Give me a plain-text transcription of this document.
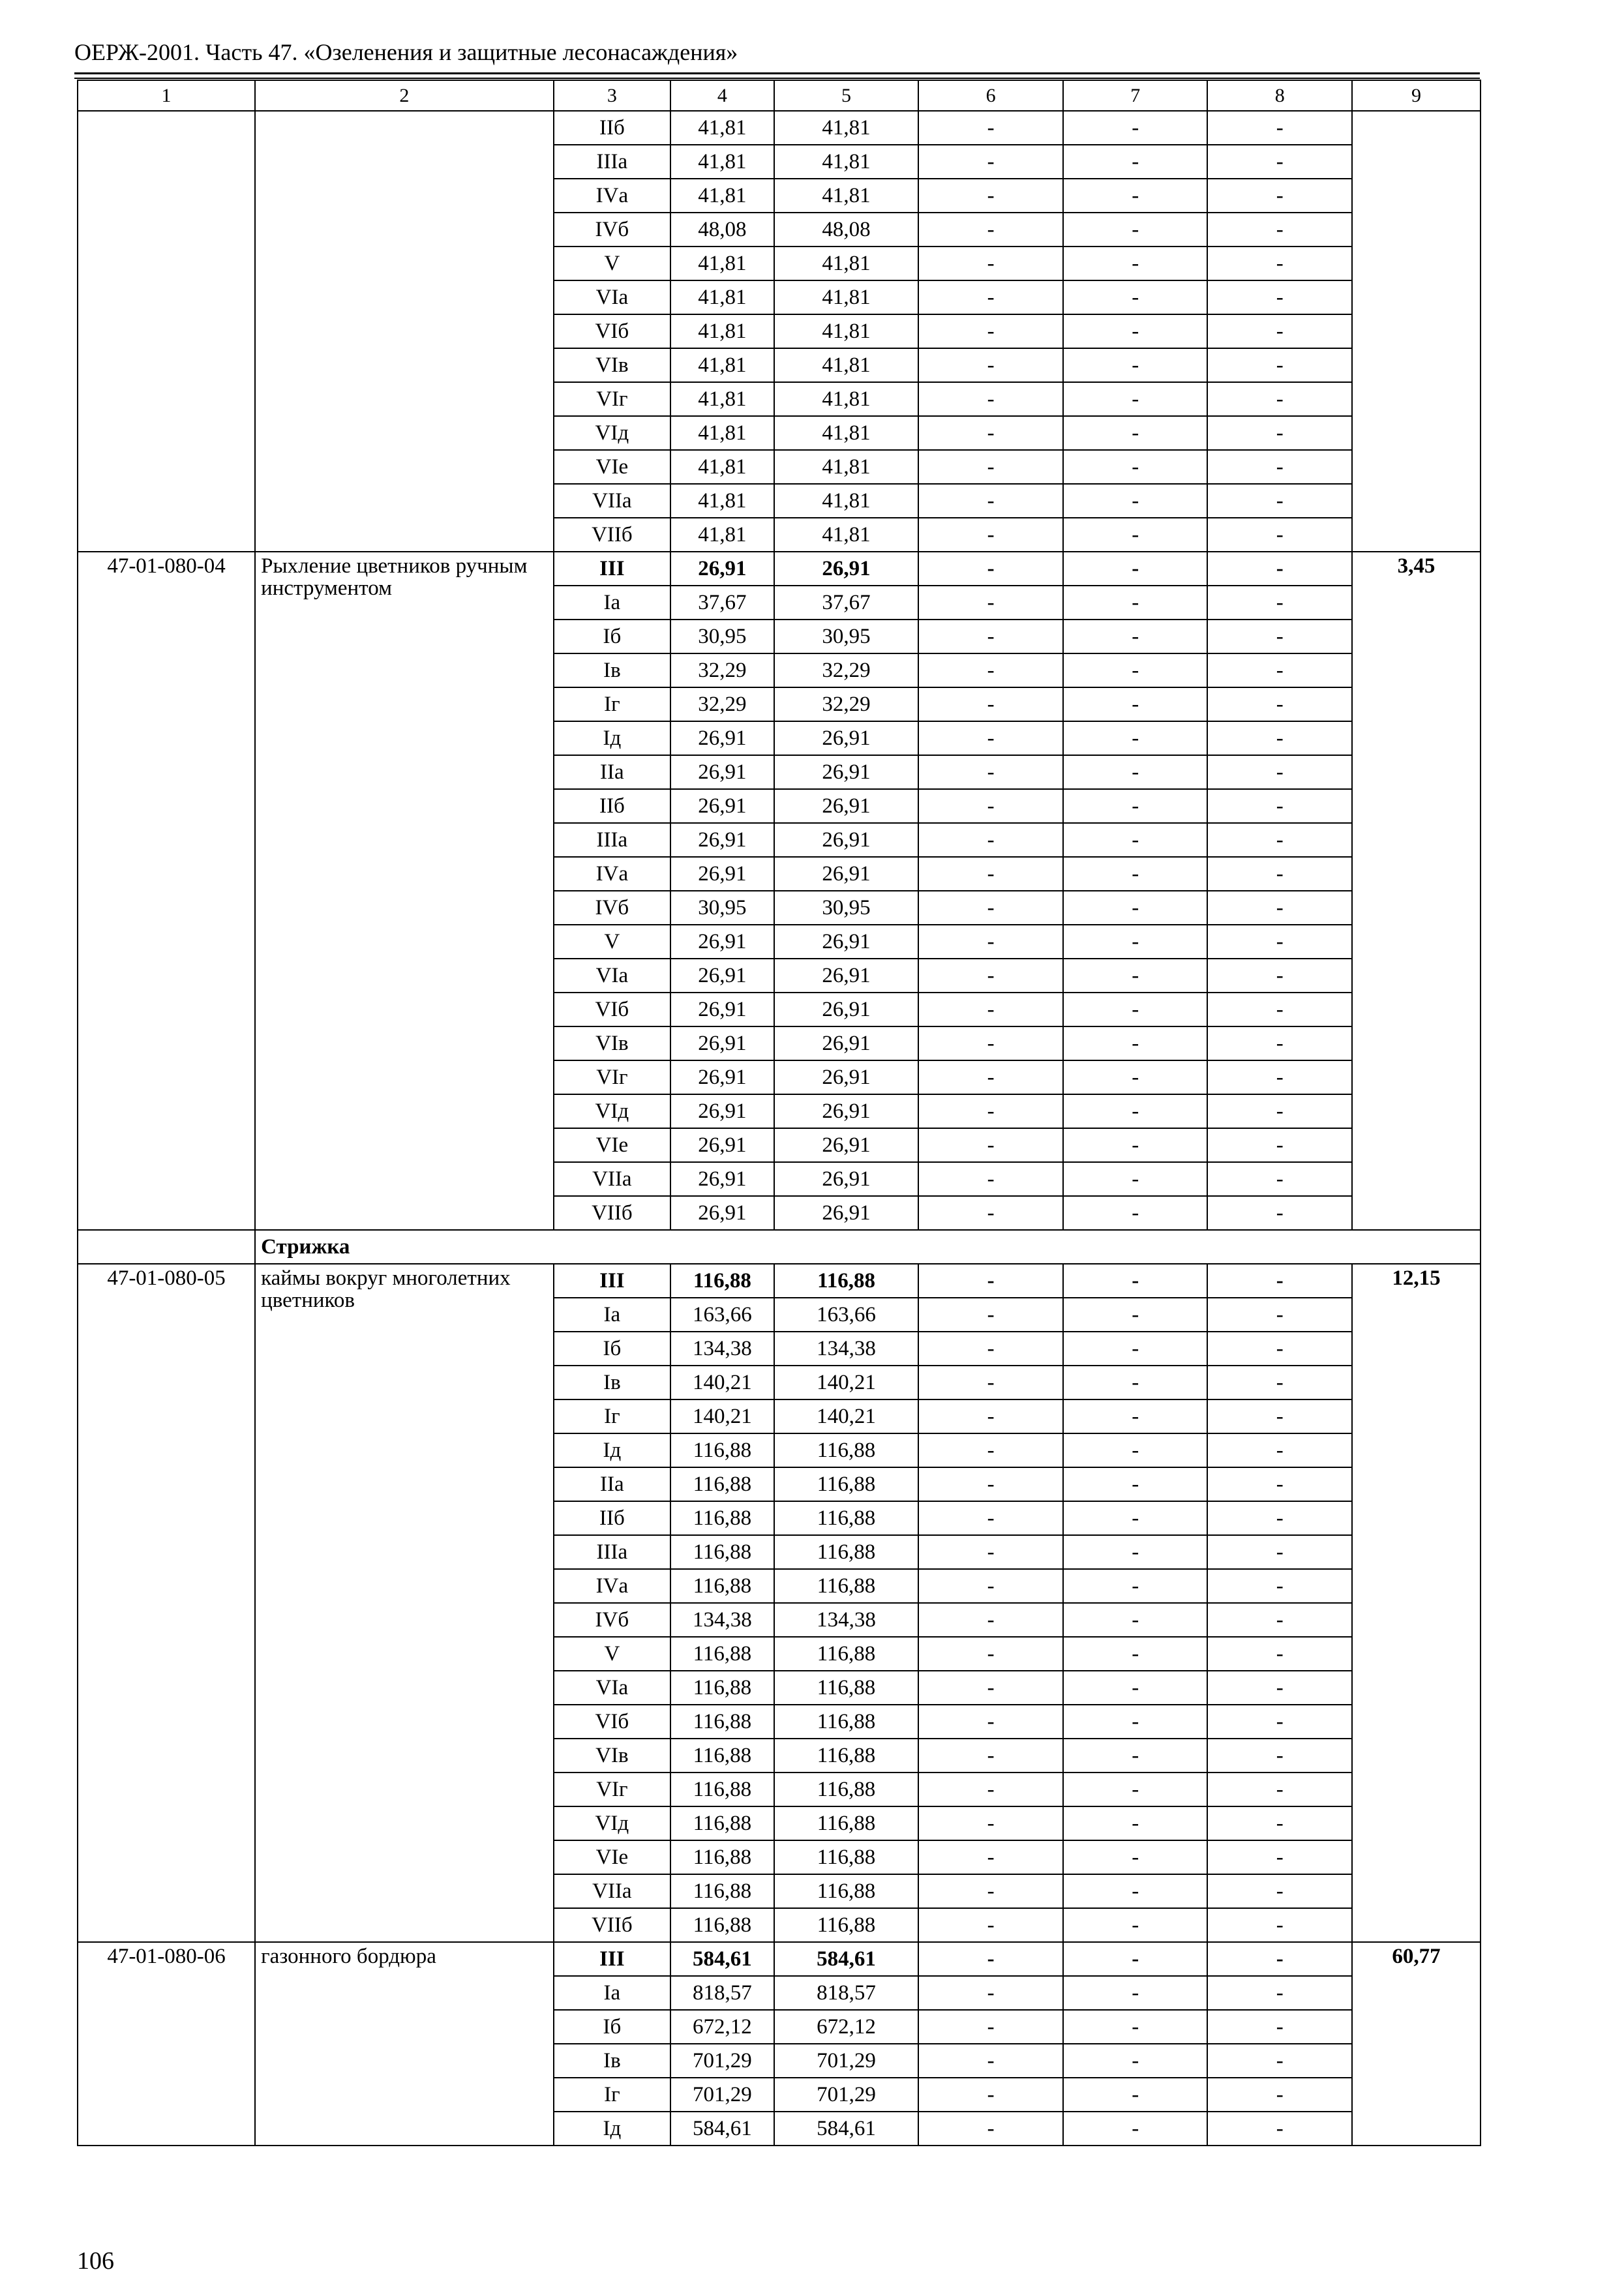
ОЕРЖ-2001. Часть 47. «Озеленения и защитные лесонасаждения»
1	2	3	4	5	6	7	8	9
		IIб	41,81	41,81	-	-	-	
		IIIа	41,81	41,81	-	-	-	
		IVа	41,81	41,81	-	-	-	
		IVб	48,08	48,08	-	-	-	
		V	41,81	41,81	-	-	-	
		VIа	41,81	41,81	-	-	-	
		VIб	41,81	41,81	-	-	-	
		VIв	41,81	41,81	-	-	-	
		VIг	41,81	41,81	-	-	-	
		VIд	41,81	41,81	-	-	-	
		VIе	41,81	41,81	-	-	-	
		VIIа	41,81	41,81	-	-	-	
		VIIб	41,81	41,81	-	-	-	
47-01-080-04	Рыхление цветников ручным инструментом	III	26,91	26,91	-	-	-	3,45
		Iа	37,67	37,67	-	-	-	
		Iб	30,95	30,95	-	-	-	
		Iв	32,29	32,29	-	-	-	
		Iг	32,29	32,29	-	-	-	
		Iд	26,91	26,91	-	-	-	
		IIа	26,91	26,91	-	-	-	
		IIб	26,91	26,91	-	-	-	
		IIIа	26,91	26,91	-	-	-	
		IVа	26,91	26,91	-	-	-	
		IVб	30,95	30,95	-	-	-	
		V	26,91	26,91	-	-	-	
		VIа	26,91	26,91	-	-	-	
		VIб	26,91	26,91	-	-	-	
		VIв	26,91	26,91	-	-	-	
		VIг	26,91	26,91	-	-	-	
		VIд	26,91	26,91	-	-	-	
		VIе	26,91	26,91	-	-	-	
		VIIа	26,91	26,91	-	-	-	
		VIIб	26,91	26,91	-	-	-	
	Стрижка							
47-01-080-05	каймы вокруг многолетних цветников	III	116,88	116,88	-	-	-	12,15
		Iа	163,66	163,66	-	-	-	
		Iб	134,38	134,38	-	-	-	
		Iв	140,21	140,21	-	-	-	
		Iг	140,21	140,21	-	-	-	
		Iд	116,88	116,88	-	-	-	
		IIа	116,88	116,88	-	-	-	
		IIб	116,88	116,88	-	-	-	
		IIIа	116,88	116,88	-	-	-	
		IVа	116,88	116,88	-	-	-	
		IVб	134,38	134,38	-	-	-	
		V	116,88	116,88	-	-	-	
		VIа	116,88	116,88	-	-	-	
		VIб	116,88	116,88	-	-	-	
		VIв	116,88	116,88	-	-	-	
		VIг	116,88	116,88	-	-	-	
		VIд	116,88	116,88	-	-	-	
		VIе	116,88	116,88	-	-	-	
		VIIа	116,88	116,88	-	-	-	
		VIIб	116,88	116,88	-	-	-	
47-01-080-06	газонного бордюра	III	584,61	584,61	-	-	-	60,77
		Iа	818,57	818,57	-	-	-	
		Iб	672,12	672,12	-	-	-	
		Iв	701,29	701,29	-	-	-	
		Iг	701,29	701,29	-	-	-	
		Iд	584,61	584,61	-	-	-	
106
